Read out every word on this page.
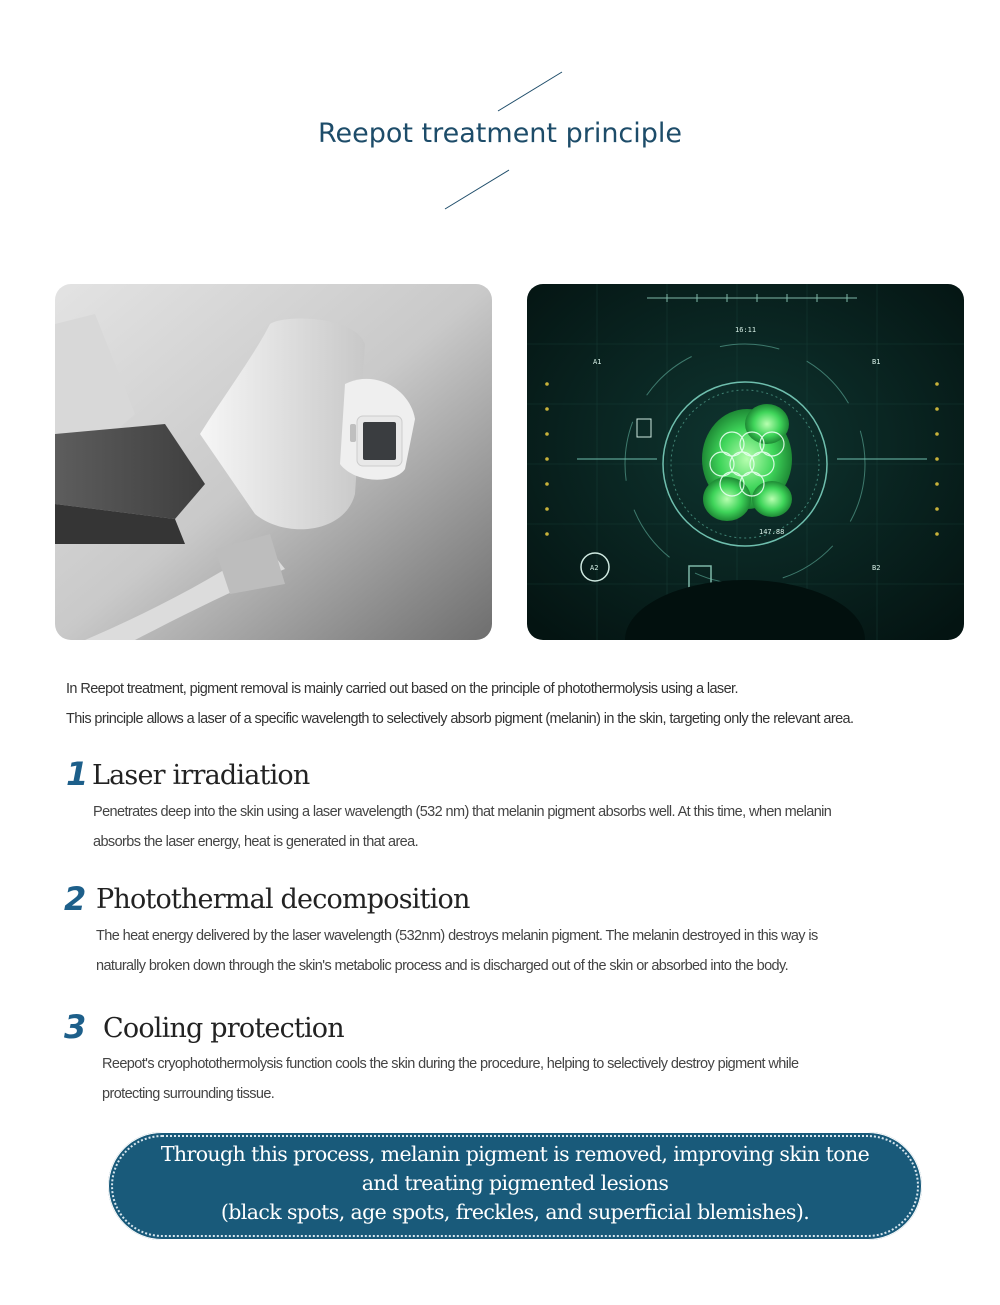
Reepot treatment principle
16:11
A1	B1
A2	B2
147.88

In Reepot treatment, pigment removal is mainly carried out based on the principle of photothermolysis using a laser.

This principle allows a laser of a specific wavelength to selectively absorb pigment (melanin) in the skin, targeting only the relevant area.

1 Laser irradiation

Penetrates deep into the skin using a laser wavelength (532 nm) that melanin pigment absorbs well. At this time, when melanin

absorbs the laser energy, heat is generated in that area.

2 Photothermal decomposition

The heat energy delivered by the laser wavelength (532nm) destroys melanin pigment. The melanin destroyed in this way is

naturally broken down through the skin's metabolic process and is discharged out of the skin or absorbed into the body.

3 Cooling protection

Reepot's cryophotothermolysis function cools the skin during the procedure, helping to selectively destroy pigment while

protecting surrounding tissue.

Through this process, melanin pigment is removed, improving skin tone
and treating pigmented lesions
(black spots, age spots, freckles, and superficial blemishes).
